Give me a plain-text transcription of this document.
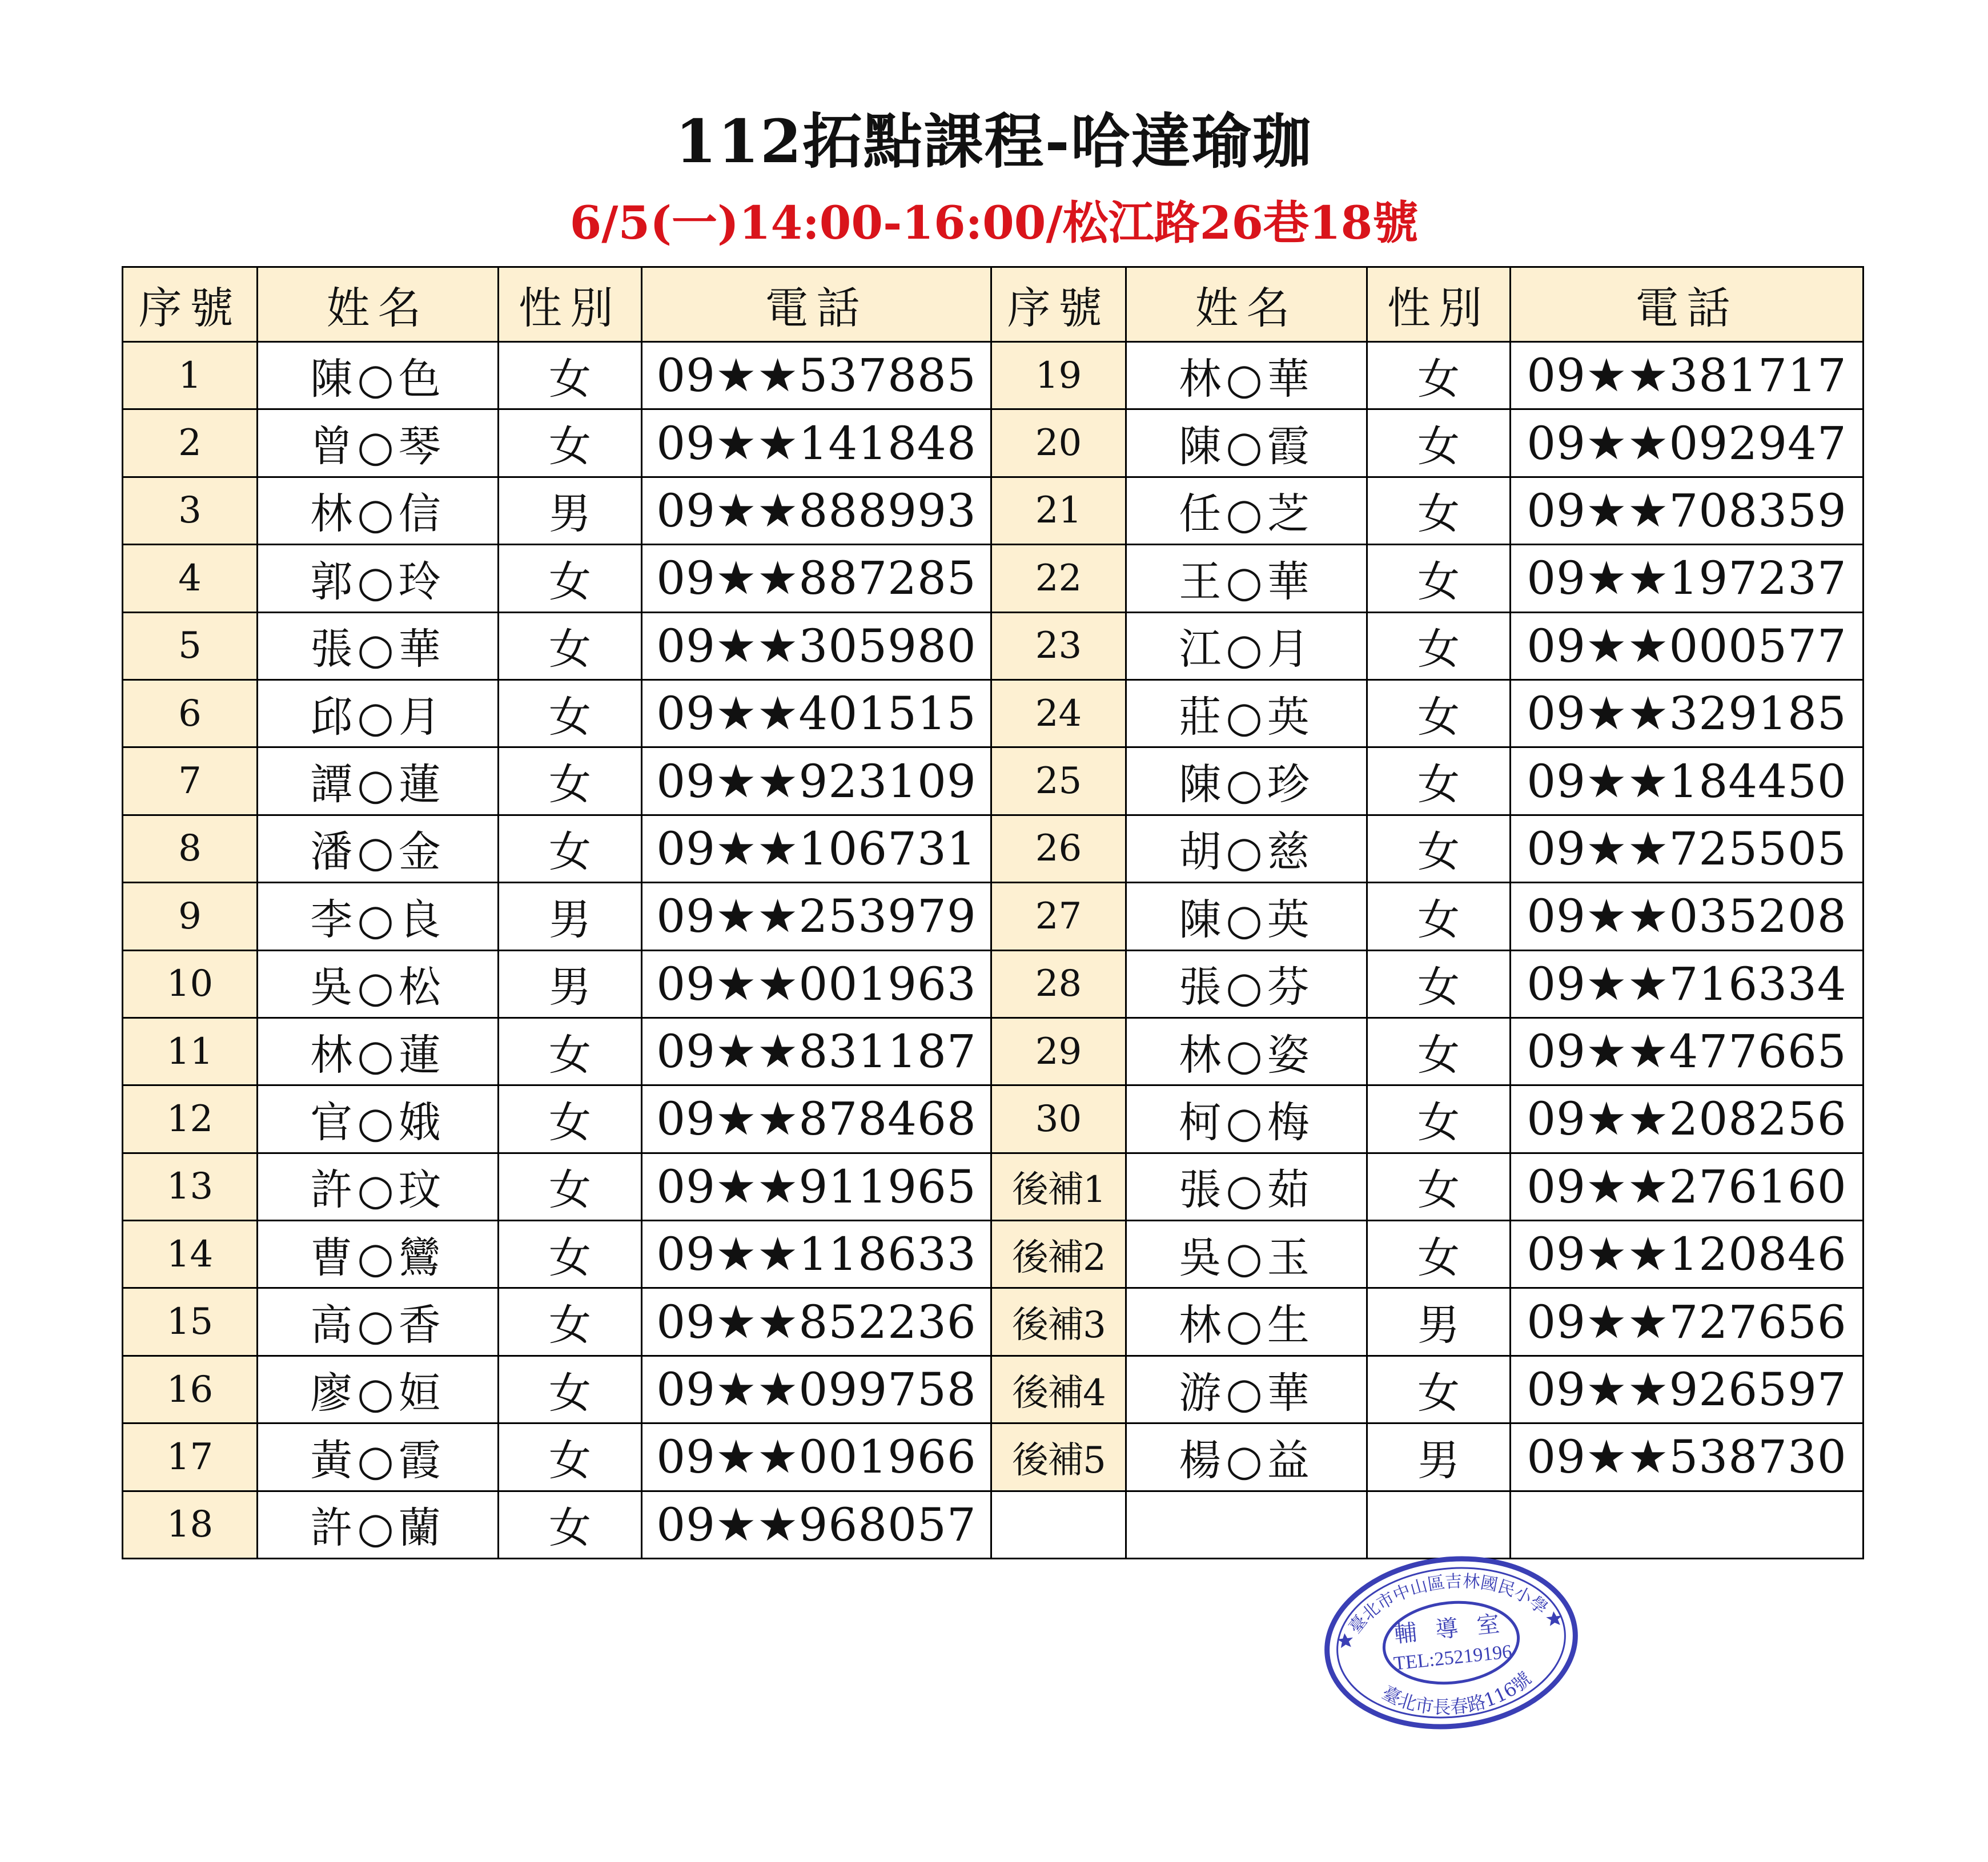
112拓點課程-哈達瑜珈
6/5(一)14:00-16:00/松江路26巷18號
序號	姓名	性別	電話	序號	姓名	性別	電話
1	陳○色	女	09★★537885	19	林○華	女	09★★381717
2	曾○琴	女	09★★141848	20	陳○霞	女	09★★092947
3	林○信	男	09★★888993	21	任○芝	女	09★★708359
4	郭○玲	女	09★★887285	22	王○華	女	09★★197237
5	張○華	女	09★★305980	23	江○月	女	09★★000577
6	邱○月	女	09★★401515	24	莊○英	女	09★★329185
7	譚○蓮	女	09★★923109	25	陳○珍	女	09★★184450
8	潘○金	女	09★★106731	26	胡○慈	女	09★★725505
9	李○良	男	09★★253979	27	陳○英	女	09★★035208
10	吳○松	男	09★★001963	28	張○芬	女	09★★716334
11	林○蓮	女	09★★831187	29	林○姿	女	09★★477665
12	官○娥	女	09★★878468	30	柯○梅	女	09★★208256
13	許○玟	女	09★★911965	後補1	張○茹	女	09★★276160
14	曹○鸞	女	09★★118633	後補2	吳○玉	女	09★★120846
15	高○香	女	09★★852236	後補3	林○生	男	09★★727656
16	廖○姮	女	09★★099758	後補4	游○華	女	09★★926597
17	黃○霞	女	09★★001966	後補5	楊○益	男	09★★538730
18	許○蘭	女	09★★968057				
臺北市中山區吉林國民小學
臺北市長春路116號
輔 導 室
TEL:25219196
